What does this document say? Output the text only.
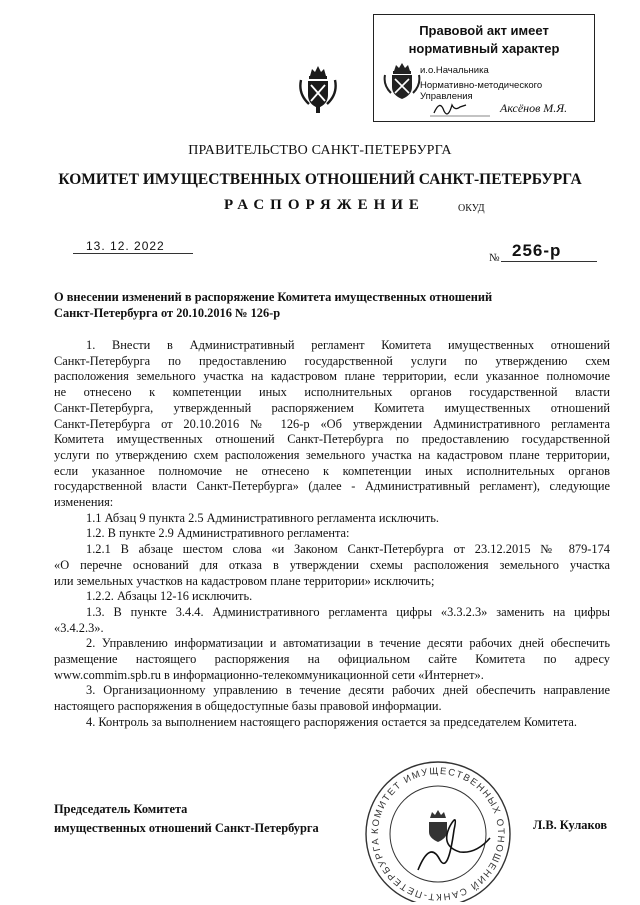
Правовой акт имеет
нормативный характер
и.о.Начальника
Нормативно-методического Управления
Аксёнов М.Я.
ПРАВИТЕЛЬСТВО САНКТ-ПЕТЕРБУРГА
КОМИТЕТ ИМУЩЕСТВЕННЫХ ОТНОШЕНИЙ САНКТ-ПЕТЕРБУРГА
РАСПОРЯЖЕНИЕ	ОКУД
13. 12. 2022
№ 256-р
О внесении изменений в распоряжение Комитета имущественных отношений
Санкт-Петербурга от 20.10.2016 № 126-р

1. Внести в Административный регламент Комитета имущественных отношений
Санкт-Петербурга по предоставлению государственной услуги по утверждению схем
расположения земельного участка на кадастровом плане территории, если указанное полномочие
не отнесено к компетенции иных исполнительных органов государственной власти
Санкт-Петербурга, утвержденный распоряжением Комитета имущественных отношений
Санкт-Петербурга от 20.10.2016 № 126-р «Об утверждении Административного регламента
Комитета имущественных отношений Санкт-Петербурга по предоставлению государственной
услуги по утверждению схем расположения земельного участка на кадастровом плане территории,
если указанное полномочие не отнесено к компетенции иных исполнительных органов
государственной власти Санкт-Петербурга» (далее - Административный регламент), следующие
изменения:

1.1 Абзац 9 пункта 2.5 Административного регламента исключить.

1.2. В пункте 2.9 Административного регламента:

1.2.1 В абзаце шестом слова «и Законом Санкт-Петербурга от 23.12.2015 № 879-174
«О перечне оснований для отказа в утверждении схемы расположения земельного участка
или земельных участков на кадастровом плане территории» исключить;

1.2.2. Абзацы 12-16 исключить.

1.3. В пункте 3.4.4. Административного регламента цифры «3.3.2.3» заменить на цифры
«3.4.2.3».

2. Управлению информатизации и автоматизации в течение десяти рабочих дней обеспечить
размещение настоящего распоряжения на официальном сайте Комитета по адресу
www.commim.spb.ru в информационно-телекоммуникационной сети «Интернет».

3. Организационному управлению в течение десяти рабочих дней обеспечить направление
настоящего распоряжения в общедоступные базы правовой информации.

4. Контроль за выполнением настоящего распоряжения остается за председателем Комитета.

КОМИТЕТ ИМУЩЕСТВЕННЫХ ОТНОШЕНИЙ САНКТ-ПЕТЕРБУРГА
Председатель Комитета
имущественных отношений Санкт-Петербурга	Л.В. Кулаков
